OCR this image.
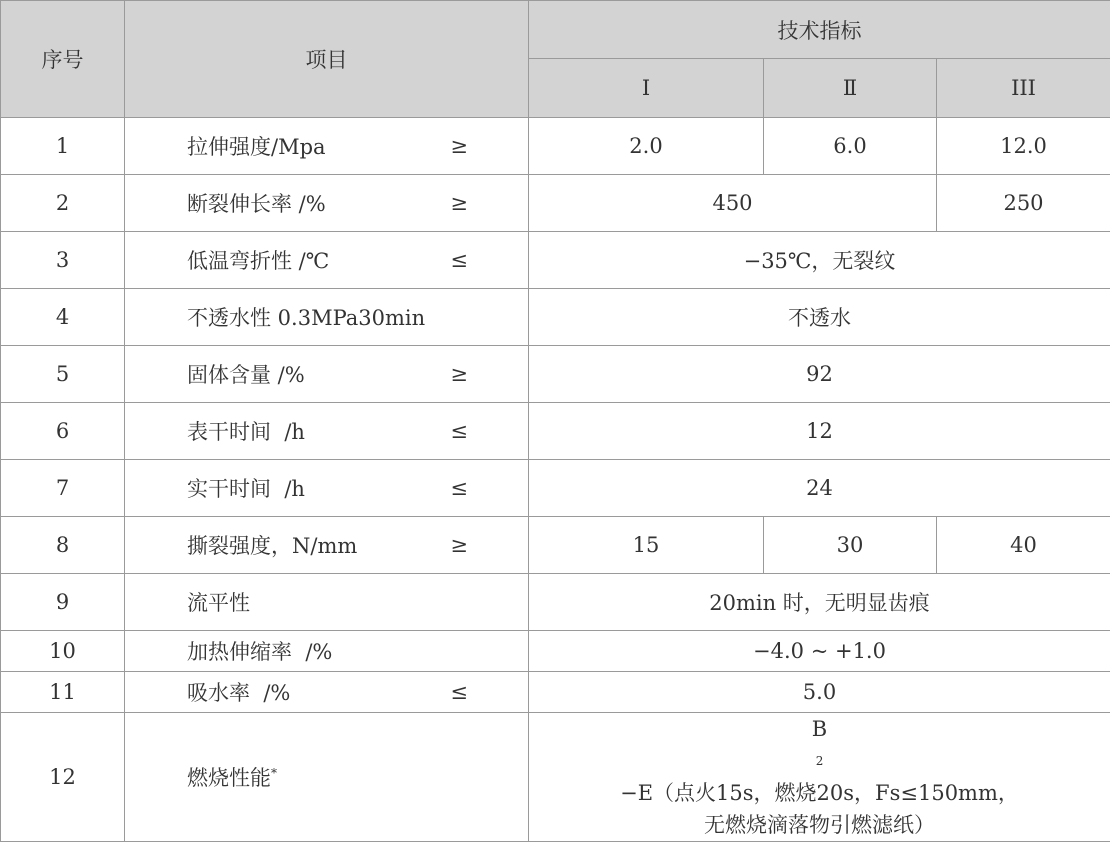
序号	项目	技术指标		
		Ⅰ	Ⅱ	III
1	拉伸强度/Mpa ≥	2.0	6.0	12.0
2	断裂伸长率 /% ≥	450		250
3	低温弯折性 /℃ ≤	−35℃，无裂纹		
4	不透水性 0.3MPa30min	不透水		
5	固体含量 /% ≥	92		
6	表干时间  /h ≤	12		
7	实干时间  /h ≤	24		
8	撕裂强度，N/mm ≥	15	30	40
9	流平性	20min 时，无明显齿痕		
10	加热伸缩率  /%	−4.0 ~ +1.0		
11	吸水率  /% ≤	5.0		
12	燃烧性能*	B
2
−E（点火15s，燃烧20s，Fs≤150mm，
无燃烧滴落物引燃滤纸）		
